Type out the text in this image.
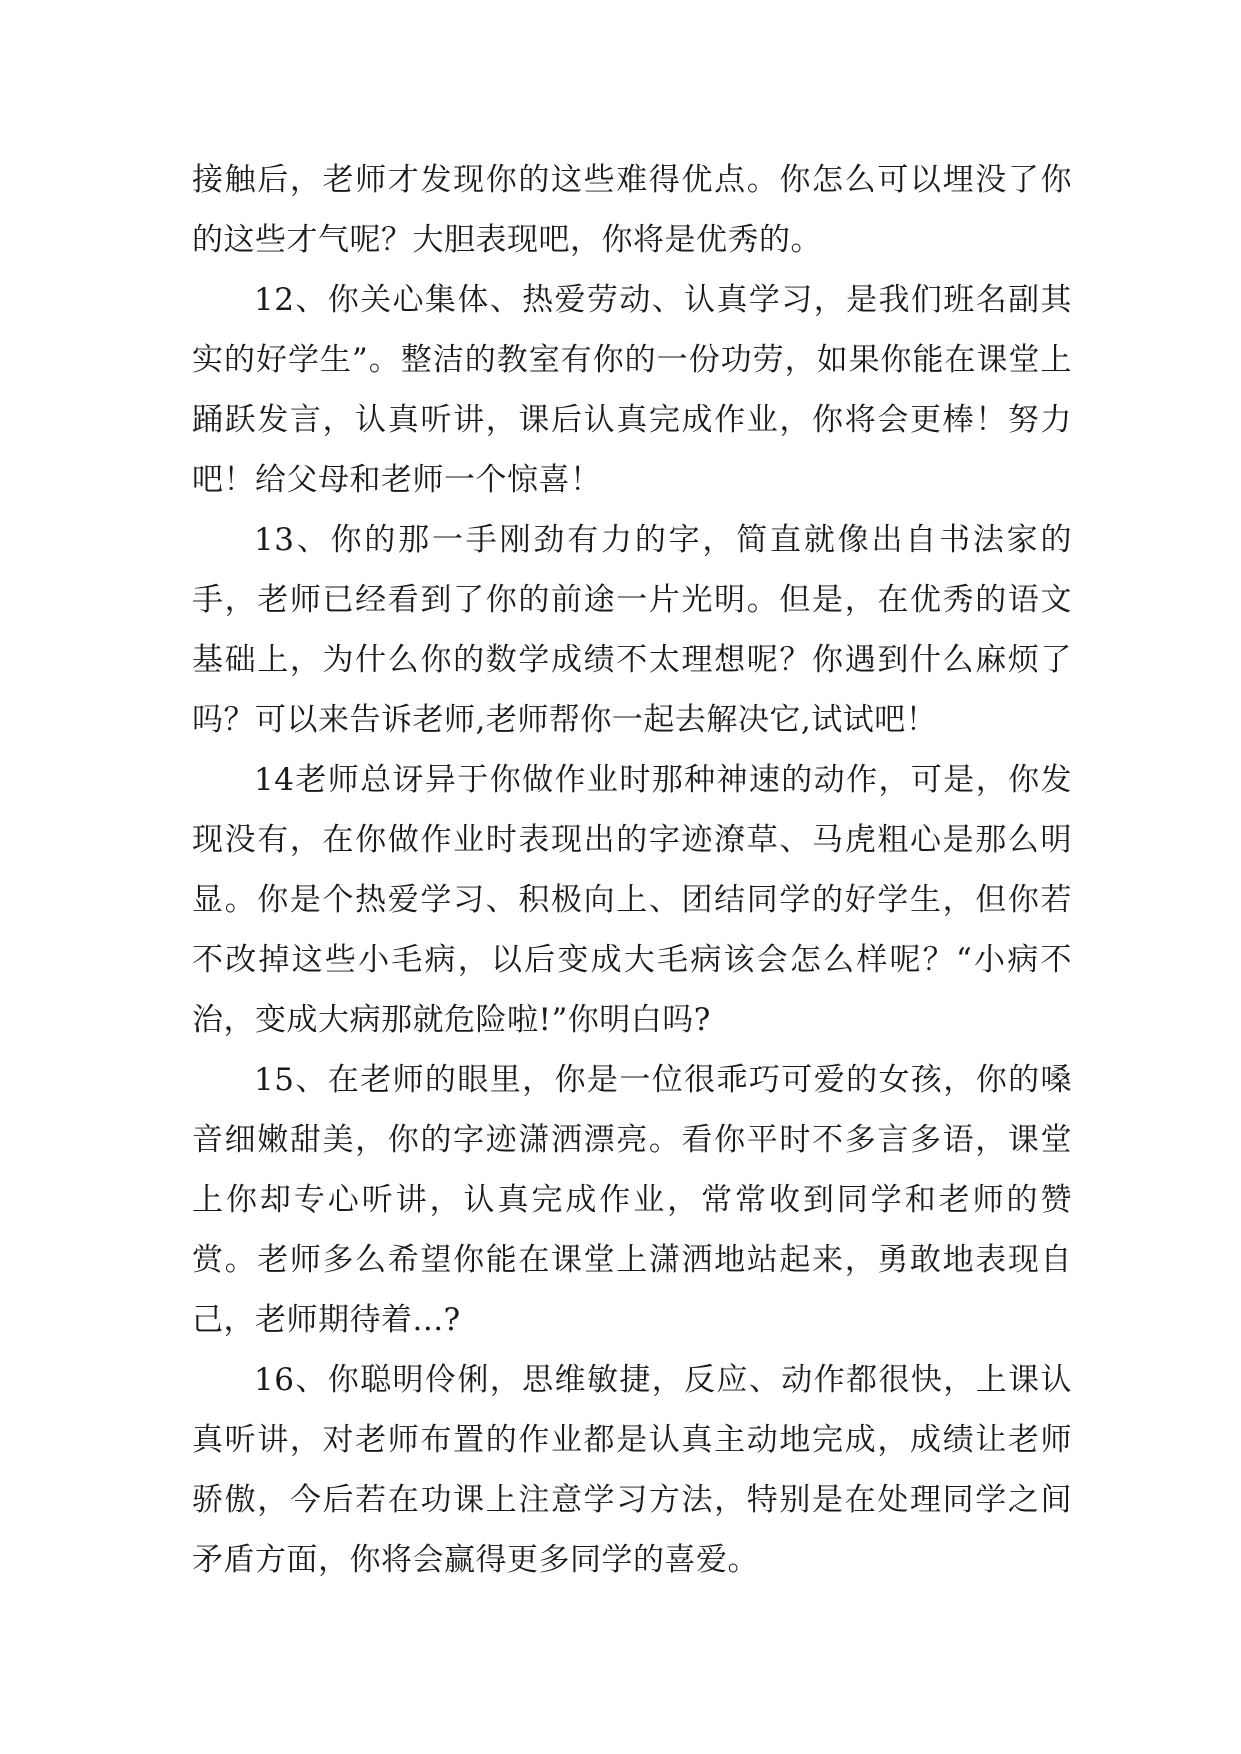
接触后，老师才发现你的这些难得优点。你怎么可以埋没了你的这些才气呢？大胆表现吧，你将是优秀的。

12、你关心集体、热爱劳动、认真学习，是我们班名副其实的好学生”。整洁的教室有你的一份功劳，如果你能在课堂上踊跃发言，认真听讲，课后认真完成作业，你将会更棒！努力吧！给父母和老师一个惊喜！

13、你的那一手刚劲有力的字，简直就像出自书法家的手，老师已经看到了你的前途一片光明。但是，在优秀的语文基础上，为什么你的数学成绩不太理想呢？你遇到什么麻烦了吗？可以来告诉老师,老师帮你一起去解决它,试试吧！

14老师总讶异于你做作业时那种神速的动作，可是，你发现没有，在你做作业时表现出的字迹潦草、马虎粗心是那么明显。你是个热爱学习、积极向上、团结同学的好学生，但你若不改掉这些小毛病，以后变成大毛病该会怎么样呢？“小病不治，变成大病那就危险啦!”你明白吗?

15、在老师的眼里，你是一位很乖巧可爱的女孩，你的嗓音细嫩甜美，你的字迹潇洒漂亮。看你平时不多言多语，课堂上你却专心听讲，认真完成作业，常常收到同学和老师的赞赏。老师多么希望你能在课堂上潇洒地站起来，勇敢地表现自己，老师期待着...?

16、你聪明伶俐，思维敏捷，反应、动作都很快，上课认真听讲，对老师布置的作业都是认真主动地完成，成绩让老师骄傲，今后若在功课上注意学习方法，特别是在处理同学之间矛盾方面，你将会赢得更多同学的喜爱。
